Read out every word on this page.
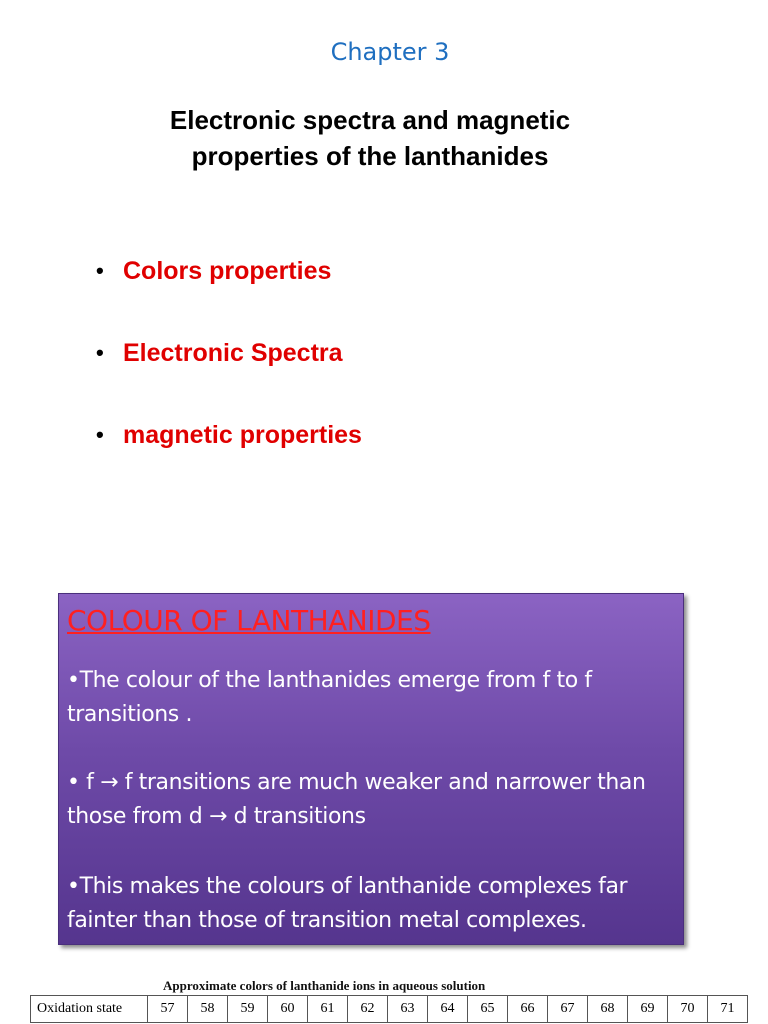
Chapter 3
Electronic spectra and magnetic
properties of the lanthanides
• Colors properties
• Electronic Spectra
• magnetic properties
COLOUR OF LANTHANIDES
•The colour of the lanthanides emerge from f to f transitions .
• f → f transitions are much weaker and narrower than those from d → d transitions
•This makes the colours of lanthanide complexes far fainter than those of transition metal complexes.
Approximate colors of lanthanide ions in aqueous solution
Oxidation state	57	58	59	60	61	62	63	64	65	66	67	68	69	70	71
